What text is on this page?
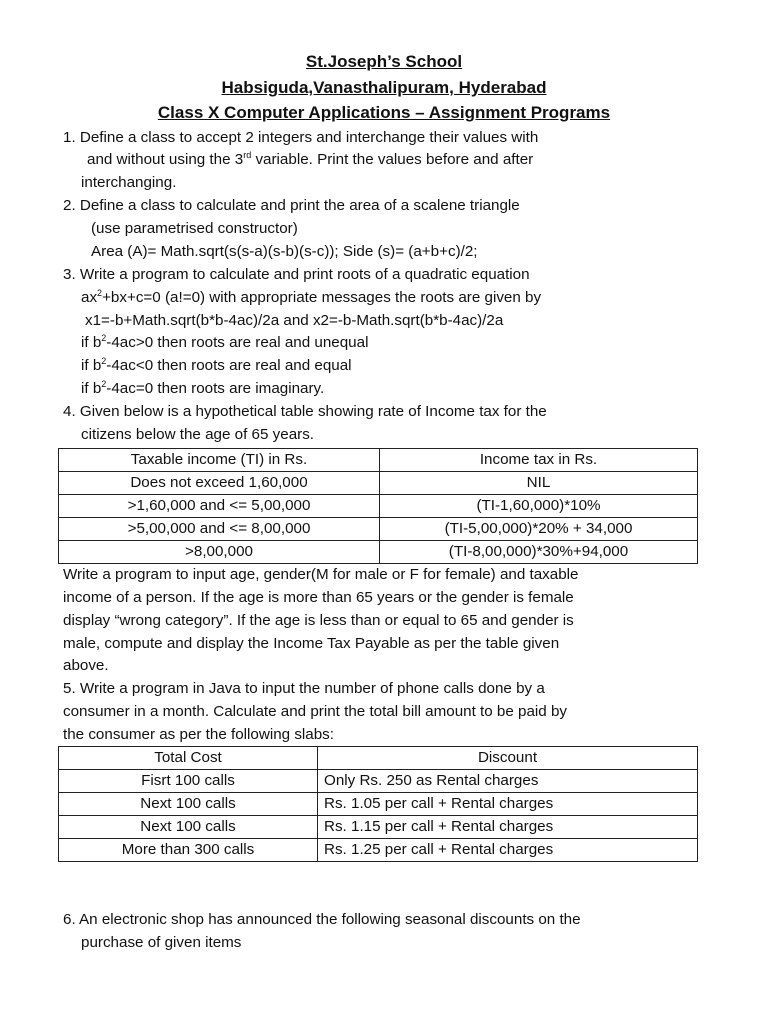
St.Joseph’s School
Habsiguda,Vanasthalipuram, Hyderabad
Class X Computer Applications – Assignment Programs
1. Define a class to accept 2 integers and interchange their values with
and without using the 3rd variable. Print the values before and after
interchanging.
2. Define a class to calculate and print the area of a scalene triangle
(use parametrised constructor)
Area (A)= Math.sqrt(s(s-a)(s-b)(s-c)); Side (s)= (a+b+c)/2;
3. Write a program to calculate and print roots of a quadratic equation
$ax^2+bx+c=0$ (a!=0) with appropriate messages the roots are given by
x1=-b+Math.sqrt(b*b-4ac)/2a and x2=-b-Math.sqrt(b*b-4ac)/2a
if $b^2-4ac>0$ then roots are real and unequal
if $b^2-4ac<0$ then roots are real and equal
if $b^2-4ac=0$ then roots are imaginary.
4. Given below is a hypothetical table showing rate of Income tax for the
citizens below the age of 65 years.
Taxable income (TI) in Rs.	Income tax in Rs.
Does not exceed 1,60,000	NIL
>1,60,000 and <= 5,00,000	(TI-1,60,000)*10%
>5,00,000 and <= 8,00,000	(TI-5,00,000)*20% + 34,000
>8,00,000	(TI-8,00,000)*30%+94,000
Write a program to input age, gender(M for male or F for female) and taxable
income of a person. If the age is more than 65 years or the gender is female
display “wrong category”. If the age is less than or equal to 65 and gender is
male, compute and display the Income Tax Payable as per the table given
above.
5. Write a program in Java to input the number of phone calls done by a
consumer in a month. Calculate and print the total bill amount to be paid by
the consumer as per the following slabs:
Total Cost	Discount
Fisrt 100 calls	Only Rs. 250 as Rental charges
Next 100 calls	Rs. 1.05 per call + Rental charges
Next 100 calls	Rs. 1.15 per call + Rental charges
More than 300 calls	Rs. 1.25 per call + Rental charges
6. An electronic shop has announced the following seasonal discounts on the
purchase of given items
